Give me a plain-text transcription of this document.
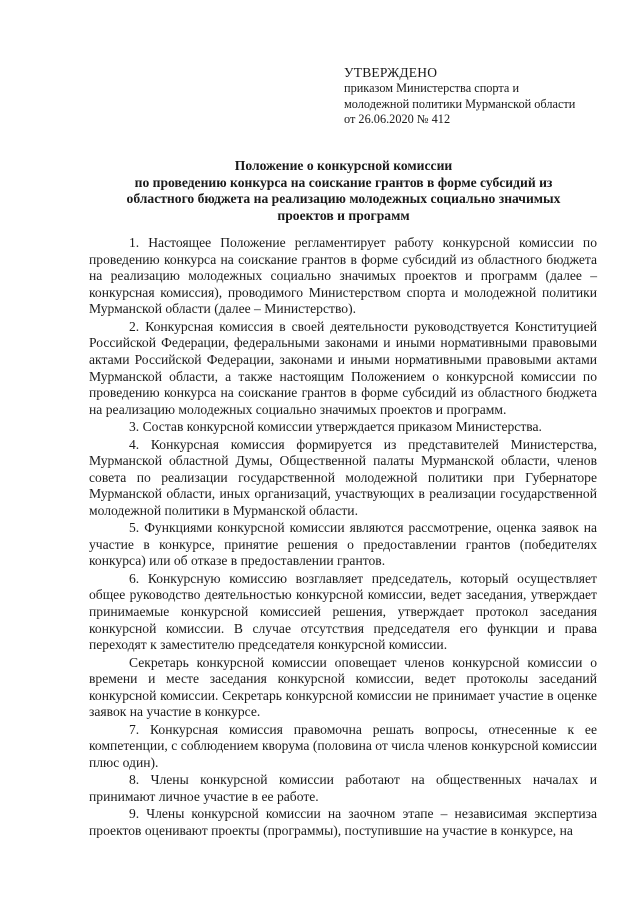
УТВЕРЖДЕНО
приказом Министерства спорта и
молодежной политики Мурманской области
от 26.06.2020 № 412
Положение о конкурсной комиссии
по проведению конкурса на соискание грантов в форме субсидий из
областного бюджета на реализацию молодежных социально значимых
проектов и программ

1. Настоящее Положение регламентирует работу конкурсной комиссии по проведению конкурса на соискание грантов в форме субсидий из областного бюджета на реализацию молодежных социально значимых проектов и программ (далее – конкурсная комиссия), проводимого Министерством спорта и молодежной политики Мурманской области (далее – Министерство).

2. Конкурсная комиссия в своей деятельности руководствуется Конституцией Российской Федерации, федеральными законами и иными нормативными правовыми актами Российской Федерации, законами и иными нормативными правовыми актами Мурманской области, а также настоящим Положением о конкурсной комиссии по проведению конкурса на соискание грантов в форме субсидий из областного бюджета на реализацию молодежных социально значимых проектов и программ.

3. Состав конкурсной комиссии утверждается приказом Министерства.

4. Конкурсная комиссия формируется из представителей Министерства, Мурманской областной Думы, Общественной палаты Мурманской области, членов совета по реализации государственной молодежной политики при Губернаторе Мурманской области, иных организаций, участвующих в реализации государственной молодежной политики в Мурманской области.

5. Функциями конкурсной комиссии являются рассмотрение, оценка заявок на участие в конкурсе, принятие решения о предоставлении грантов (победителях конкурса) или об отказе в предоставлении грантов.

6. Конкурсную комиссию возглавляет председатель, который осуществляет общее руководство деятельностью конкурсной комиссии, ведет заседания, утверждает принимаемые конкурсной комиссией решения, утверждает протокол заседания конкурсной комиссии. В случае отсутствия председателя его функции и права переходят к заместителю председателя конкурсной комиссии.

Секретарь конкурсной комиссии оповещает членов конкурсной комиссии о времени и месте заседания конкурсной комиссии, ведет протоколы заседаний конкурсной комиссии. Секретарь конкурсной комиссии не принимает участие в оценке заявок на участие в конкурсе.

7. Конкурсная комиссия правомочна решать вопросы, отнесенные к ее компетенции, с соблюдением кворума (половина от числа членов конкурсной комиссии плюс один).

8. Члены конкурсной комиссии работают на общественных началах и принимают личное участие в ее работе.

9. Члены конкурсной комиссии на заочном этапе – независимая экспертиза проектов оценивают проекты (программы), поступившие на участие в конкурсе, на
